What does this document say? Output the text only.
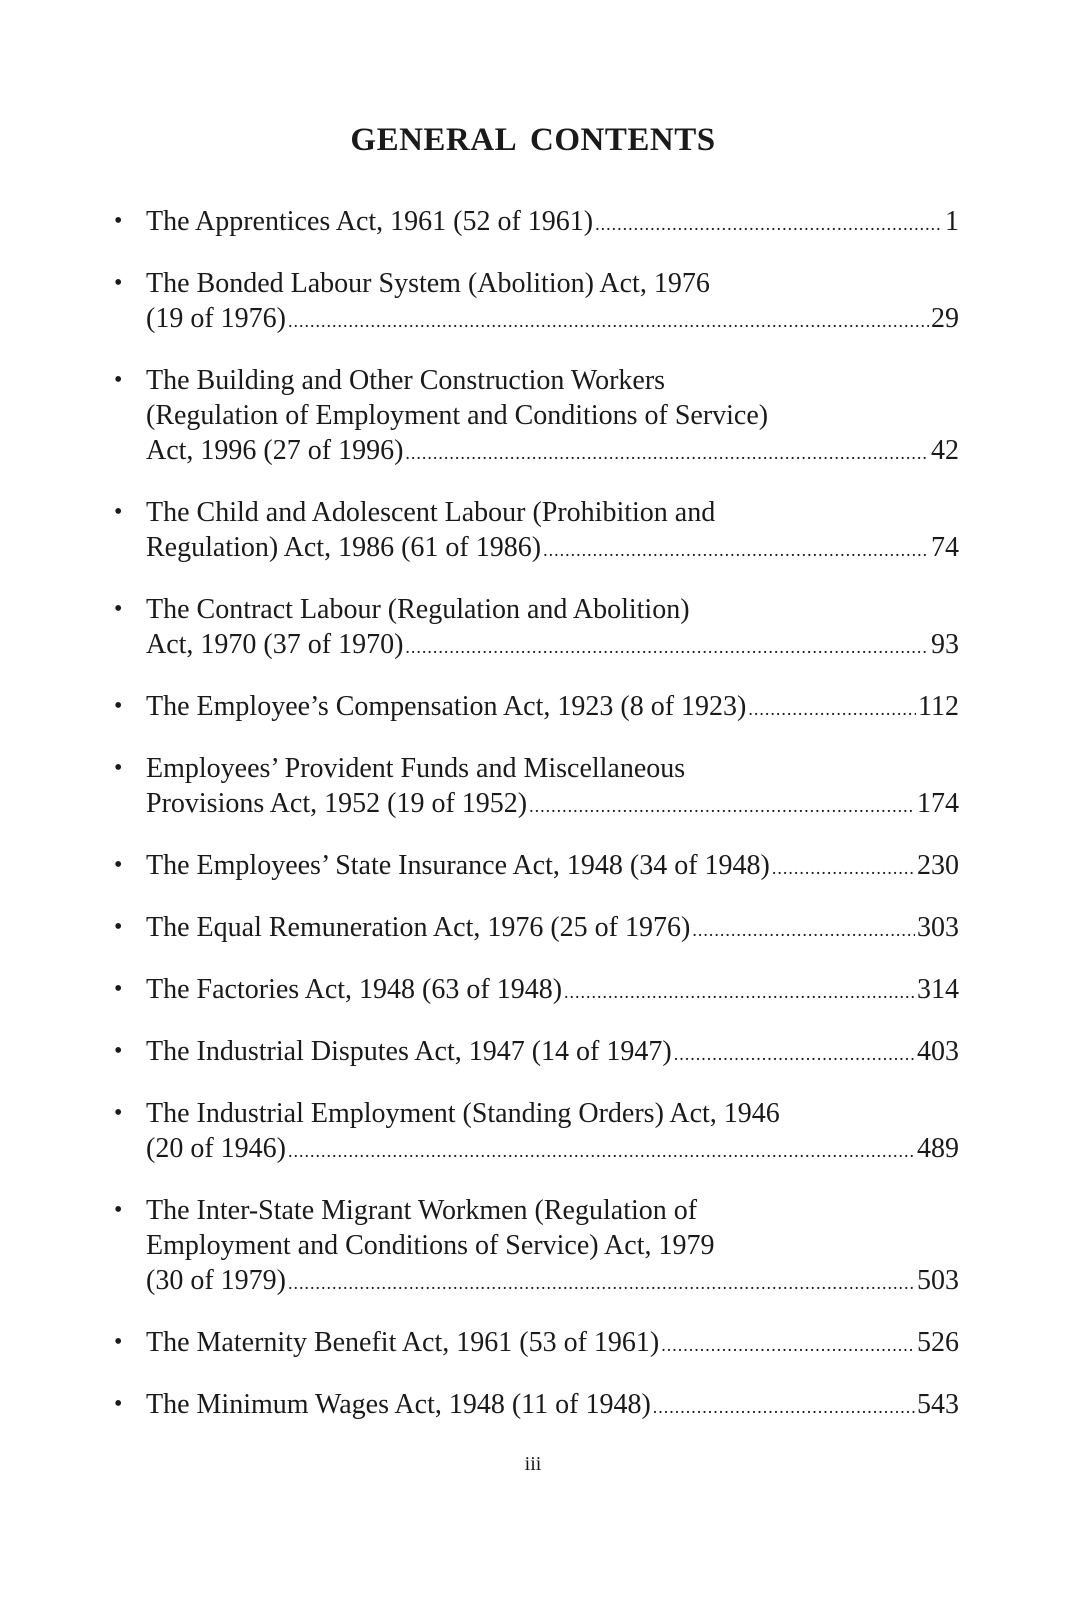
GENERAL CONTENTS
• The Apprentices Act, 1961 (52 of 1961) .....	1
• The Bonded Labour System (Abolition) Act, 1976
(19 of 1976) .....	29
• The Building and Other Construction Workers
(Regulation of Employment and Conditions of Service)
Act, 1996 (27 of 1996) .....	42
• The Child and Adolescent Labour (Prohibition and
Regulation) Act, 1986 (61 of 1986) .....	74
• The Contract Labour (Regulation and Abolition)
Act, 1970 (37 of 1970) .....	93
• The Employee’s Compensation Act, 1923 (8 of 1923) .....	112
• Employees’ Provident Funds and Miscellaneous
Provisions Act, 1952 (19 of 1952) .....	174
• The Employees’ State Insurance Act, 1948 (34 of 1948) .....	230
• The Equal Remuneration Act, 1976 (25 of 1976) .....	303
• The Factories Act, 1948 (63 of 1948) .....	314
• The Industrial Disputes Act, 1947 (14 of 1947) .....	403
• The Industrial Employment (Standing Orders) Act, 1946
(20 of 1946) .....	489
• The Inter-State Migrant Workmen (Regulation of
Employment and Conditions of Service) Act, 1979
(30 of 1979) .....	503
• The Maternity Benefit Act, 1961 (53 of 1961) .....	526
• The Minimum Wages Act, 1948 (11 of 1948) .....	543
iii
